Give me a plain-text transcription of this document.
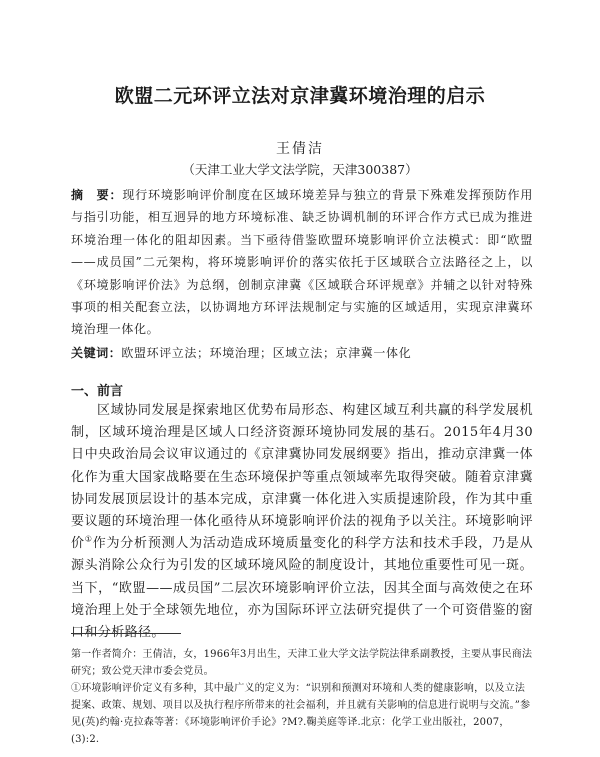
欧盟二元环评立法对京津冀环境治理的启示
王倩洁
（天津工业大学文法学院，天津300387）
摘　要：现行环境影响评价制度在区域环境差异与独立的背景下殊难发挥预防作用与指引功能，相互迥异的地方环境标准、缺乏协调机制的环评合作方式已成为推进环境治理一体化的阻却因素。当下亟待借鉴欧盟环境影响评价立法模式：即“欧盟——成员国”二元架构，将环境影响评价的落实依托于区域联合立法路径之上，以《环境影响评价法》为总纲，创制京津冀《区域联合环评规章》并辅之以针对特殊事项的相关配套立法，以协调地方环评法规制定与实施的区域适用，实现京津冀环境治理一体化。
关键词：欧盟环评立法；环境治理；区域立法；京津冀一体化
一、前言
区域协同发展是探索地区优势布局形态、构建区域互利共赢的科学发展机制，区域环境治理是区域人口经济资源环境协同发展的基石。2015年4月30日中央政治局会议审议通过的《京津冀协同发展纲要》指出，推动京津冀一体化作为重大国家战略要在生态环境保护等重点领域率先取得突破。随着京津冀协同发展顶层设计的基本完成，京津冀一体化进入实质提速阶段，作为其中重要议题的环境治理一体化亟待从环境影响评价法的视角予以关注。环境影响评价①作为分析预测人为活动造成环境质量变化的科学方法和技术手段，乃是从源头消除公众行为引发的区域环境风险的制度设计，其地位重要性可见一斑。当下，“欧盟——成员国”二层次环境影响评价立法，因其全面与高效使之在环境治理上处于全球领先地位，亦为国际环评立法研究提供了一个可资借鉴的窗口和分析路径。
第一作者简介：王倩洁，女，1966年3月出生，天津工业大学文法学院法律系副教授，主要从事民商法研究；致公党天津市委会党员。
①环境影响评价定义有多种，其中最广义的定义为：“识别和预测对环境和人类的健康影响，以及立法提案、政策、规划、项目以及执行程序所带来的社会福利，并且就有关影响的信息进行说明与交流。”参见(英)约翰·克拉森等著：《环境影响评价手论》?M?.鞠美庭等译.北京：化学工业出版社，2007，(3):2.
